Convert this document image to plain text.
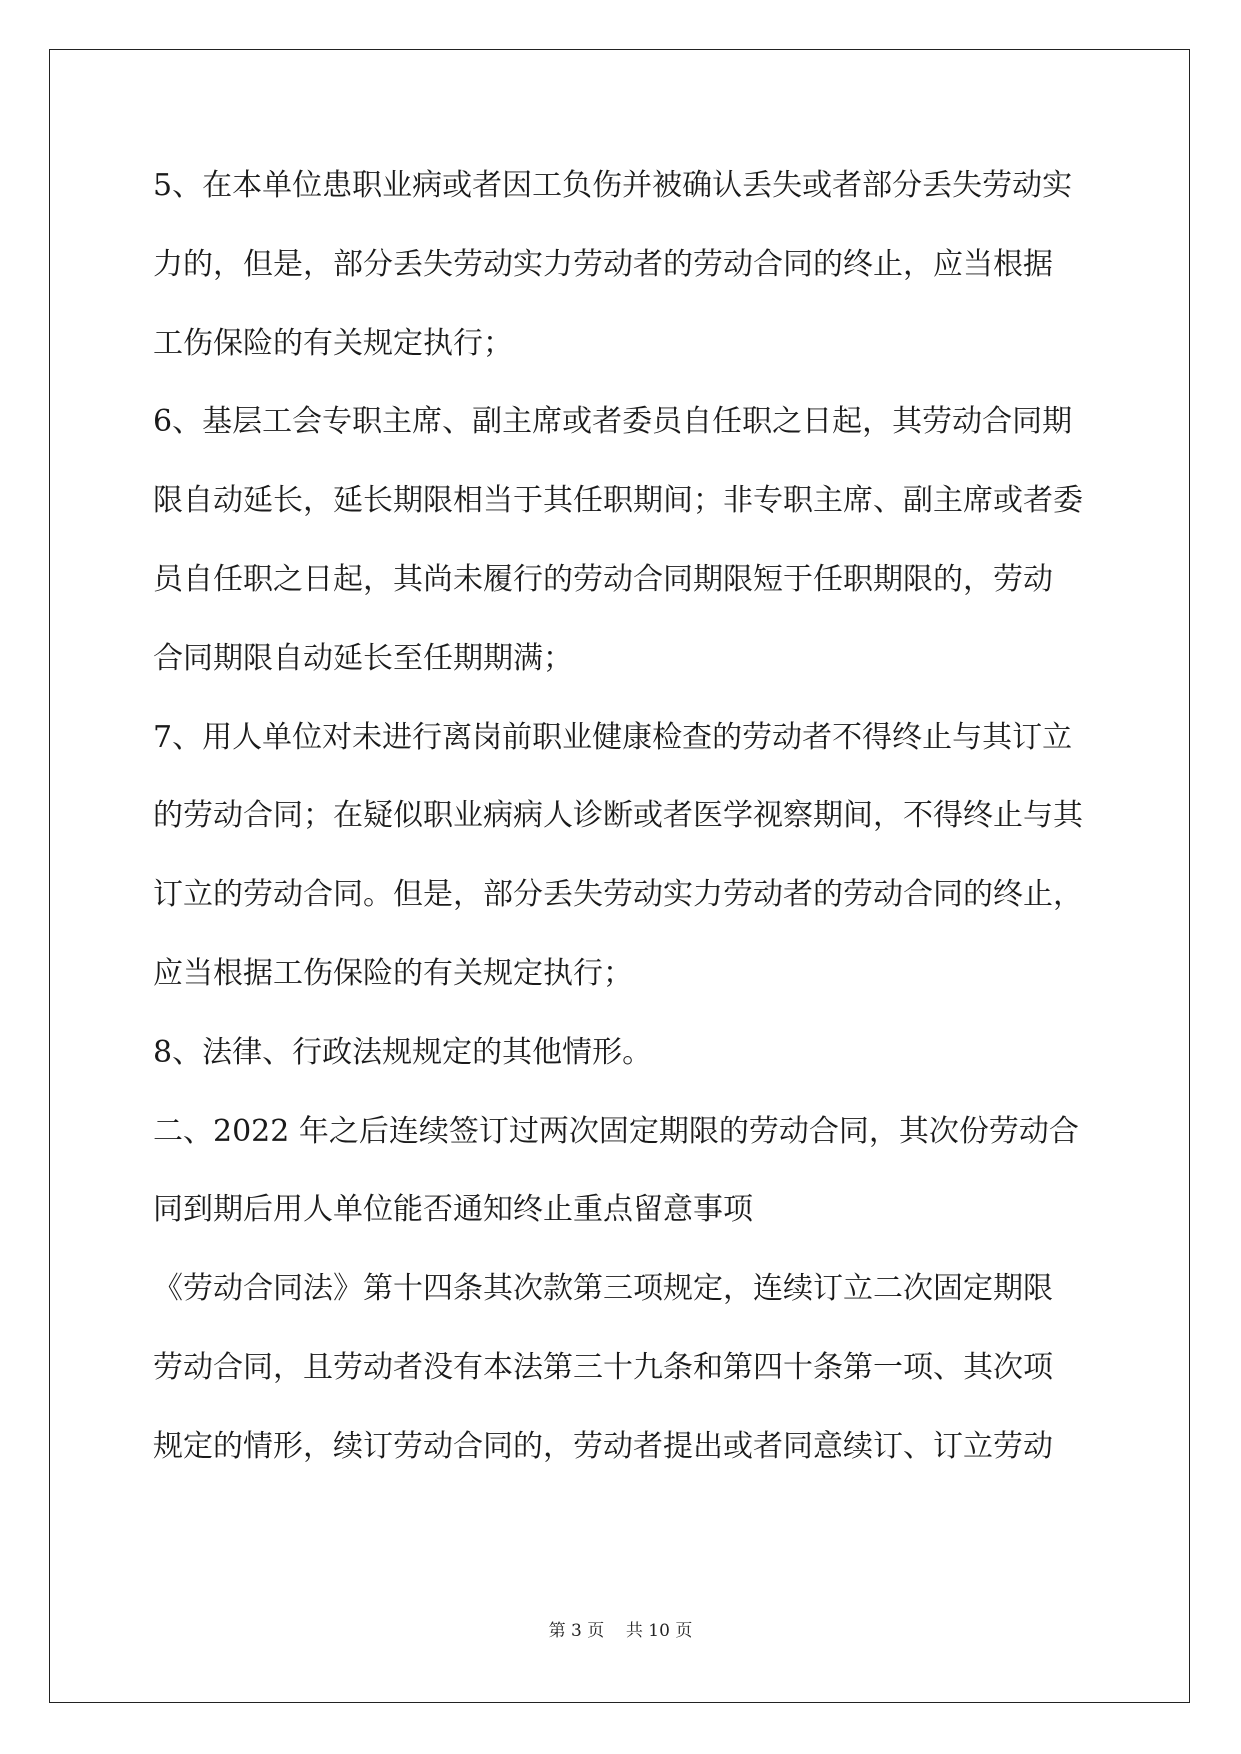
5、在本单位患职业病或者因工负伤并被确认丢失或者部分丢失劳动实
力的，但是，部分丢失劳动实力劳动者的劳动合同的终止，应当根据
工伤保险的有关规定执行；
6、基层工会专职主席、副主席或者委员自任职之日起，其劳动合同期
限自动延长，延长期限相当于其任职期间；非专职主席、副主席或者委
员自任职之日起，其尚未履行的劳动合同期限短于任职期限的，劳动
合同期限自动延长至任期期满；
7、用人单位对未进行离岗前职业健康检查的劳动者不得终止与其订立
的劳动合同；在疑似职业病病人诊断或者医学视察期间，不得终止与其
订立的劳动合同。但是，部分丢失劳动实力劳动者的劳动合同的终止，
应当根据工伤保险的有关规定执行；
8、法律、行政法规规定的其他情形。
二、2022 年之后连续签订过两次固定期限的劳动合同，其次份劳动合
同到期后用人单位能否通知终止重点留意事项
《劳动合同法》第十四条其次款第三项规定，连续订立二次固定期限
劳动合同，且劳动者没有本法第三十九条和第四十条第一项、其次项
规定的情形，续订劳动合同的，劳动者提出或者同意续订、订立劳动
第 3 页    共 10 页
